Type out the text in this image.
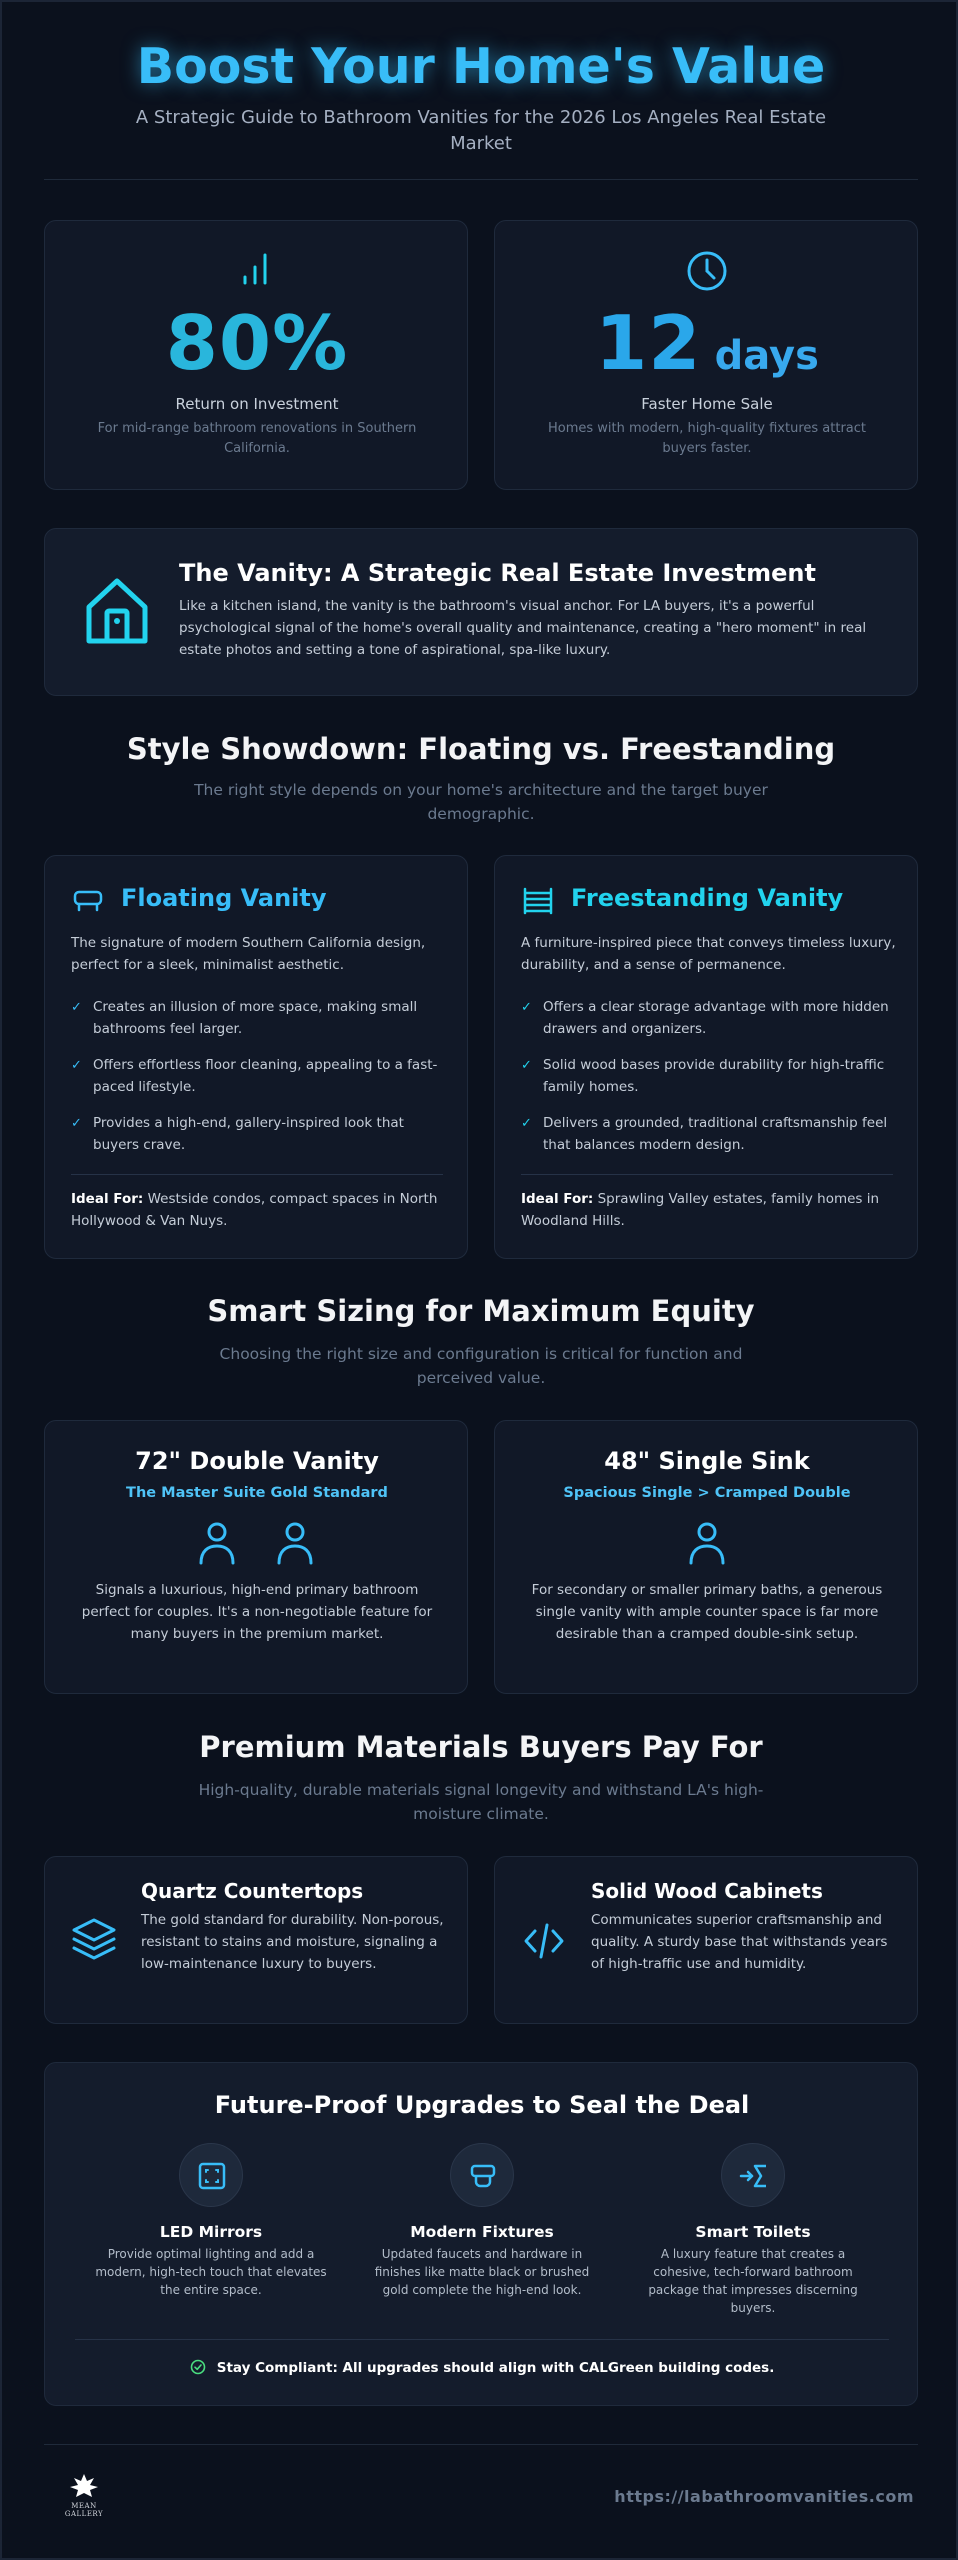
Boost Your Home's Value
A Strategic Guide to Bathroom Vanities for the 2026 Los Angeles Real Estate Market
80%
Return on Investment
For mid-range bathroom renovations in Southern California.
12 days
Faster Home Sale
Homes with modern, high-quality fixtures attract buyers faster.
The Vanity: A Strategic Real Estate Investment
Like a kitchen island, the vanity is the bathroom's visual anchor. For LA buyers, it's a powerful psychological signal of the home's overall quality and maintenance, creating a "hero moment" in real estate photos and setting a tone of aspirational, spa-like luxury.
Style Showdown: Floating vs. Freestanding
The right style depends on your home's architecture and the target buyer demographic.
Floating Vanity
The signature of modern Southern California design, perfect for a sleek, minimalist aesthetic.
✓ Creates an illusion of more space, making small bathrooms feel larger.
✓ Offers effortless floor cleaning, appealing to a fast-paced lifestyle.
✓ Provides a high-end, gallery-inspired look that buyers crave.
Ideal For: Westside condos, compact spaces in North Hollywood & Van Nuys.
Freestanding Vanity
A furniture-inspired piece that conveys timeless luxury, durability, and a sense of permanence.
✓ Offers a clear storage advantage with more hidden drawers and organizers.
✓ Solid wood bases provide durability for high-traffic family homes.
✓ Delivers a grounded, traditional craftsmanship feel that balances modern design.
Ideal For: Sprawling Valley estates, family homes in Woodland Hills.
Smart Sizing for Maximum Equity
Choosing the right size and configuration is critical for function and perceived value.
72" Double Vanity
The Master Suite Gold Standard
Signals a luxurious, high-end primary bathroom perfect for couples. It's a non-negotiable feature for many buyers in the premium market.
48" Single Sink
Spacious Single > Cramped Double
For secondary or smaller primary baths, a generous single vanity with ample counter space is far more desirable than a cramped double-sink setup.
Premium Materials Buyers Pay For
High-quality, durable materials signal longevity and withstand LA's high-moisture climate.
Quartz Countertops
The gold standard for durability. Non-porous, resistant to stains and moisture, signaling a low-maintenance luxury to buyers.
Solid Wood Cabinets
Communicates superior craftsmanship and quality. A sturdy base that withstands years of high-traffic use and humidity.
Future-Proof Upgrades to Seal the Deal
LED Mirrors
Provide optimal lighting and add a modern, high-tech touch that elevates the entire space.
Modern Fixtures
Updated faucets and hardware in finishes like matte black or brushed gold complete the high-end look.
Smart Toilets
A luxury feature that creates a cohesive, tech-forward bathroom package that impresses discerning buyers.
Stay Compliant: All upgrades should align with CALGreen building codes.
MEAN GALLERY
https://labathroomvanities.com
